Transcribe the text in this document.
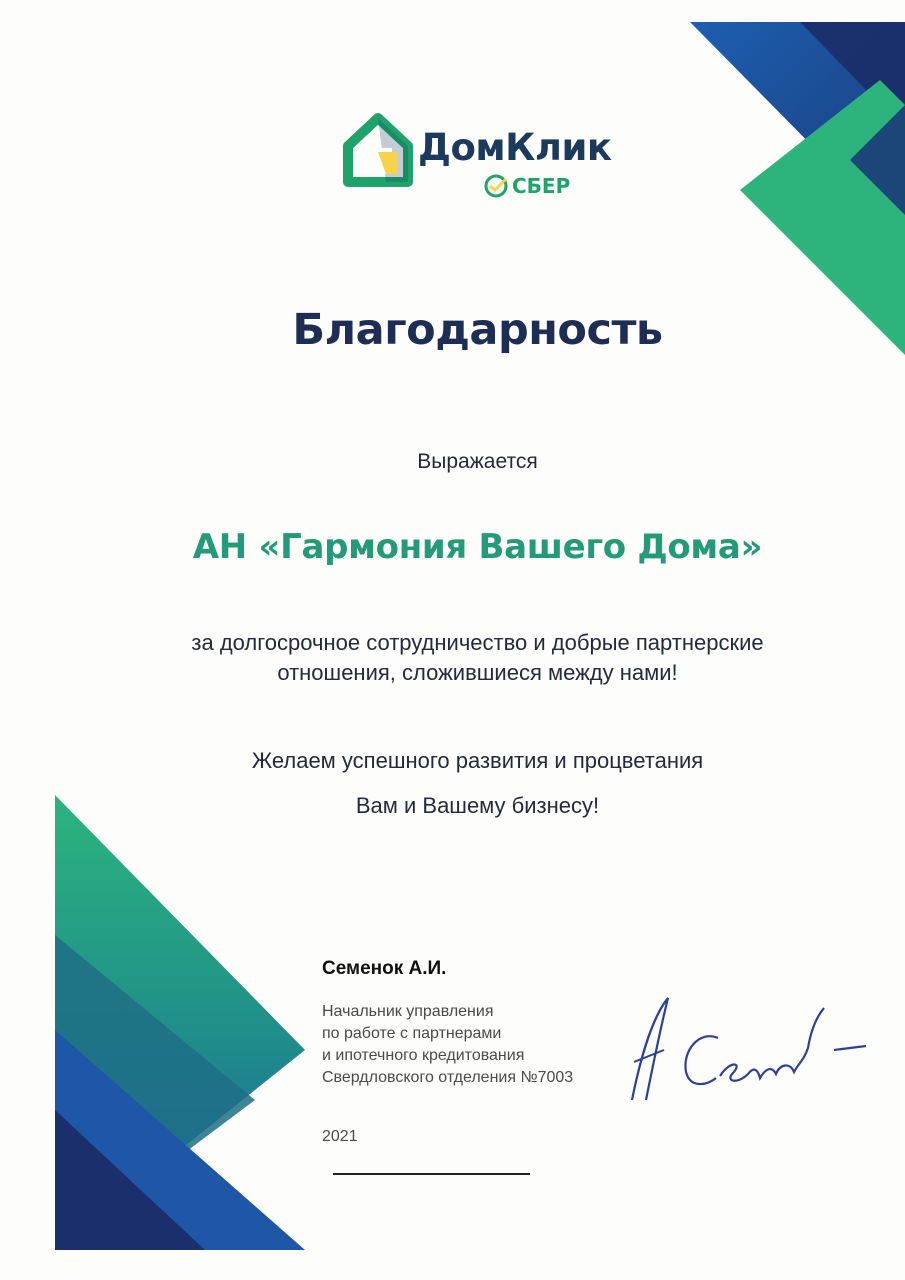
ДомКлик
СБЕР
Благодарность
Выражается
АН «Гармония Вашего Дома»
за долгосрочное сотрудничество и добрые партнерские
отношения, сложившиеся между нами!
Желаем успешного развития и процветания
Вам и Вашему бизнесу!
Семенок А.И.
Начальник управления
по работе с партнерами
и ипотечного кредитования
Свердловского отделения №7003
2021
